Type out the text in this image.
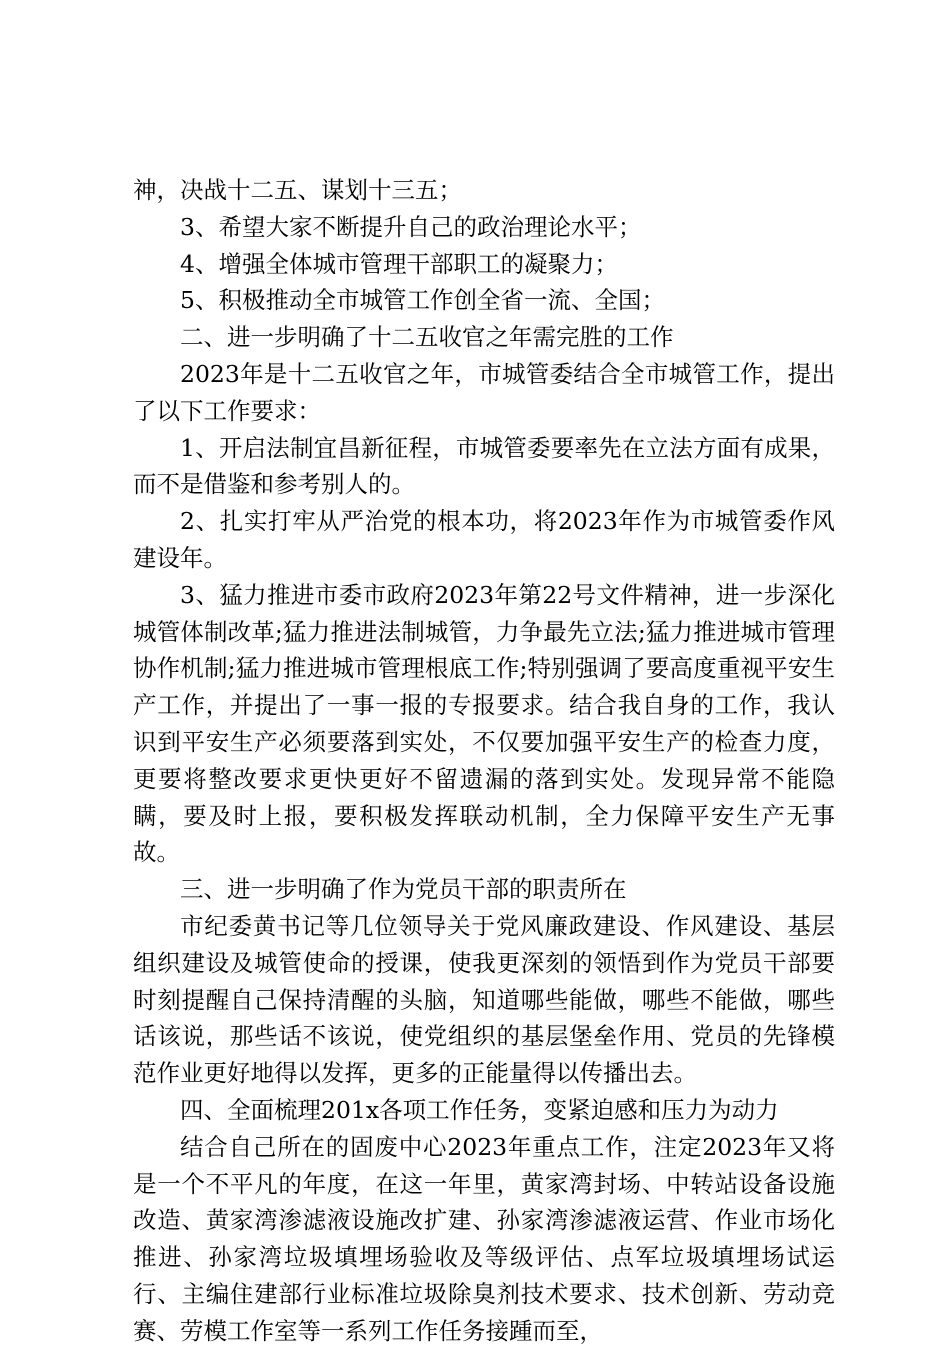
神，决战十二五、谋划十三五；

3、希望大家不断提升自己的政治理论水平；

4、增强全体城市管理干部职工的凝聚力；

5、积极推动全市城管工作创全省一流、全国；

二、进一步明确了十二五收官之年需完胜的工作

2023年是十二五收官之年，市城管委结合全市城管工作，提出了以下工作要求：

1、开启法制宜昌新征程，市城管委要率先在立法方面有成果，而不是借鉴和参考别人的。

2、扎实打牢从严治党的根本功，将2023年作为市城管委作风建设年。

3、猛力推进市委市政府2023年第22号文件精神，进一步深化城管体制改革;猛力推进法制城管，力争最先立法;猛力推进城市管理协作机制;猛力推进城市管理根底工作;特别强调了要高度重视平安生产工作，并提出了一事一报的专报要求。结合我自身的工作，我认识到平安生产必须要落到实处，不仅要加强平安生产的检查力度，更要将整改要求更快更好不留遗漏的落到实处。发现异常不能隐瞒，要及时上报，要积极发挥联动机制，全力保障平安生产无事故。

三、进一步明确了作为党员干部的职责所在

市纪委黄书记等几位领导关于党风廉政建设、作风建设、基层组织建设及城管使命的授课，使我更深刻的领悟到作为党员干部要时刻提醒自己保持清醒的头脑，知道哪些能做，哪些不能做，哪些话该说，那些话不该说，使党组织的基层堡垒作用、党员的先锋模范作业更好地得以发挥，更多的正能量得以传播出去。

四、全面梳理201x各项工作任务，变紧迫感和压力为动力

结合自己所在的固废中心2023年重点工作，注定2023年又将是一个不平凡的年度，在这一年里，黄家湾封场、中转站设备设施改造、黄家湾渗滤液设施改扩建、孙家湾渗滤液运营、作业市场化推进、孙家湾垃圾填埋场验收及等级评估、点军垃圾填埋场试运行、主编住建部行业标准垃圾除臭剂技术要求、技术创新、劳动竞赛、劳模工作室等一系列工作任务接踵而至，
